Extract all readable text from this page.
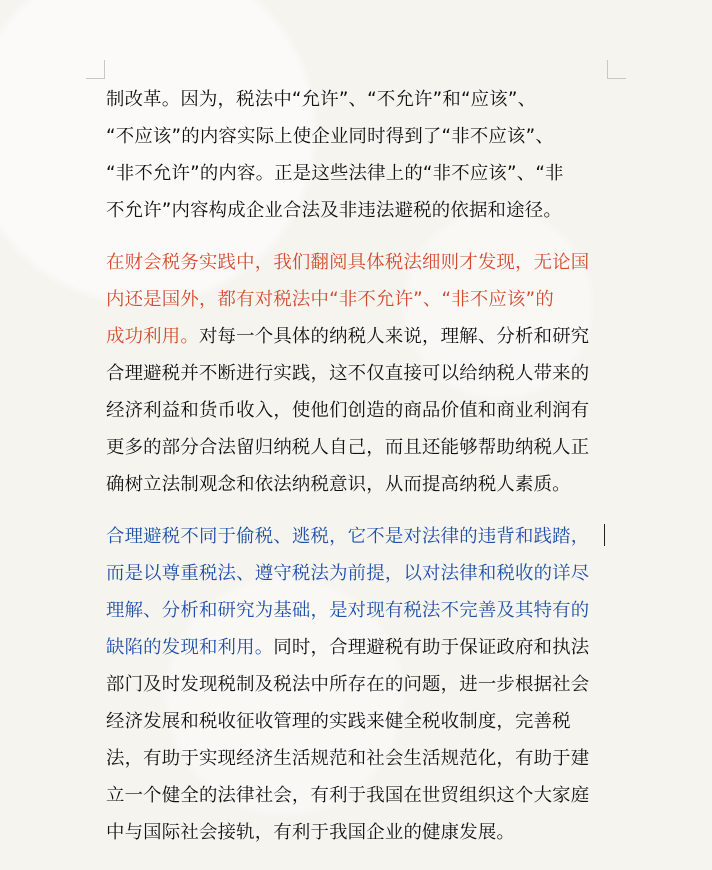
制改革。因为，税法中“允许”、“不允许”和“应该”、
“不应该”的内容实际上使企业同时得到了“非不应该”、
“非不允许”的内容。正是这些法律上的“非不应该”、“非
不允许”内容构成企业合法及非违法避税的依据和途径。
在财会税务实践中，我们翻阅具体税法细则才发现，无论国
内还是国外，都有对税法中“非不允许”、“非不应该”的
成功利用。对每一个具体的纳税人来说，理解、分析和研究
合理避税并不断进行实践，这不仅直接可以给纳税人带来的
经济利益和货币收入，使他们创造的商品价值和商业利润有
更多的部分合法留归纳税人自己，而且还能够帮助纳税人正
确树立法制观念和依法纳税意识，从而提高纳税人素质。
合理避税不同于偷税、逃税，它不是对法律的违背和践踏，
而是以尊重税法、遵守税法为前提，以对法律和税收的详尽
理解、分析和研究为基础，是对现有税法不完善及其特有的
缺陷的发现和利用。同时，合理避税有助于保证政府和执法
部门及时发现税制及税法中所存在的问题，进一步根据社会
经济发展和税收征收管理的实践来健全税收制度，完善税
法，有助于实现经济生活规范和社会生活规范化，有助于建
立一个健全的法律社会，有利于我国在世贸组织这个大家庭
中与国际社会接轨，有利于我国企业的健康发展。
